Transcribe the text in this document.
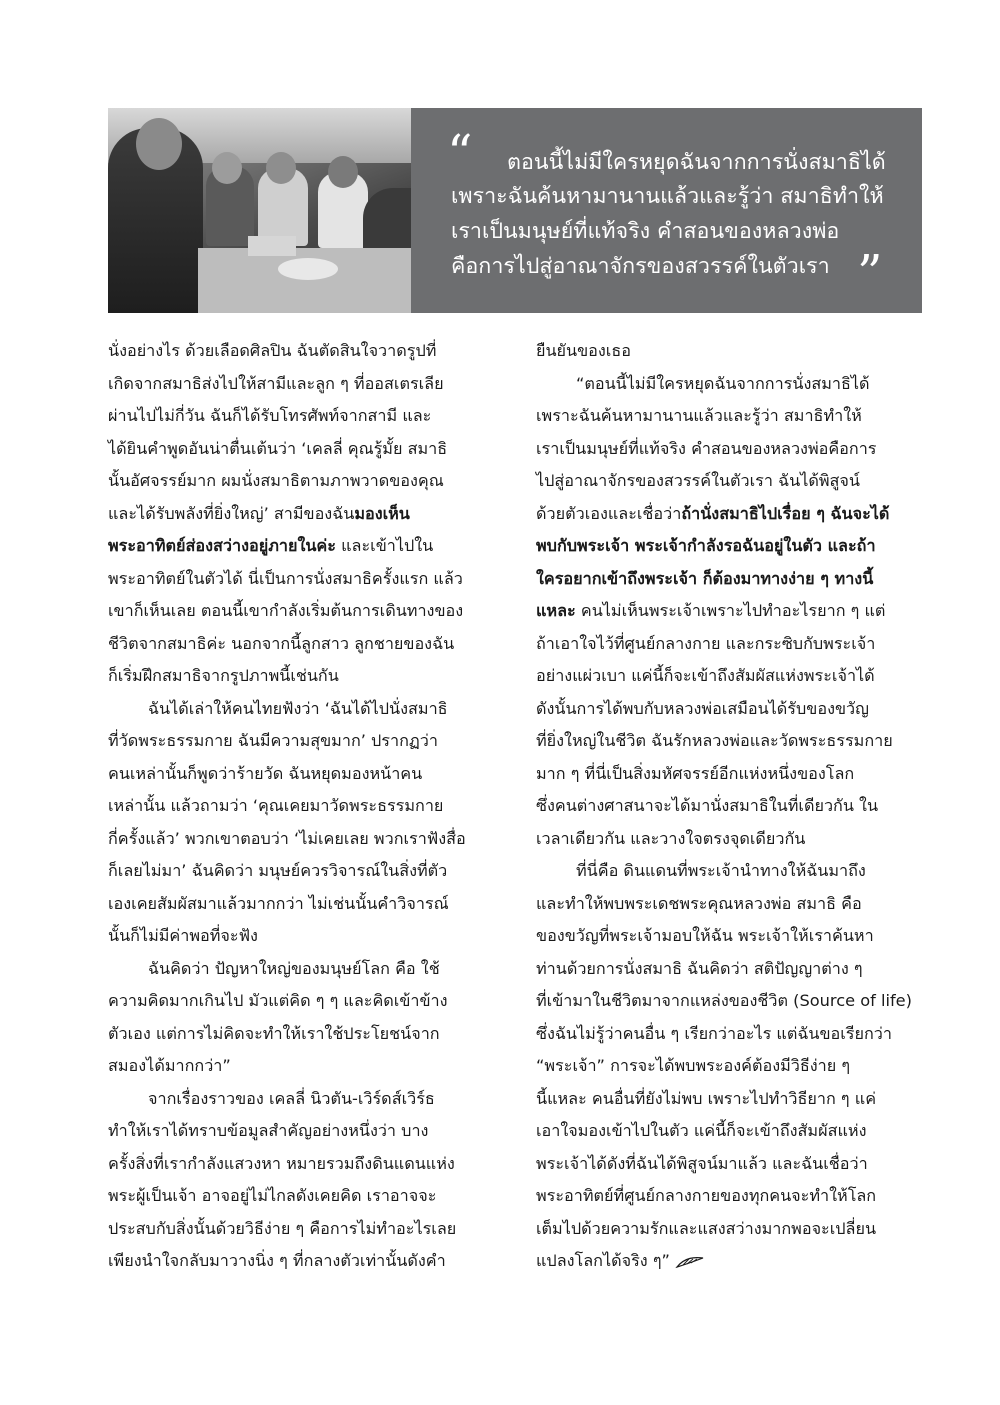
“ ตอนนี้ไม่มีใครหยุดฉันจากการนั่งสมาธิได้
เพราะฉันค้นหามานานแล้วและรู้ว่า สมาธิทำให้
เราเป็นมนุษย์ที่แท้จริง คำสอนของหลวงพ่อ
คือการไปสู่อาณาจักรของสวรรค์ในตัวเรา ”
นั่งอย่างไร ด้วยเลือดศิลปิน ฉันตัดสินใจวาดรูปที่
เกิดจากสมาธิส่งไปให้สามีและลูก ๆ ที่ออสเตรเลีย
ผ่านไปไม่กี่วัน ฉันก็ได้รับโทรศัพท์จากสามี และ
ได้ยินคำพูดอันน่าตื่นเต้นว่า ‘เคลลี่ คุณรู้มั้ย สมาธิ
นั้นอัศจรรย์มาก ผมนั่งสมาธิตามภาพวาดของคุณ
และได้รับพลังที่ยิ่งใหญ่’ สามีของฉันมองเห็น
พระอาทิตย์ส่องสว่างอยู่ภายในค่ะ และเข้าไปใน
พระอาทิตย์ในตัวได้ นี่เป็นการนั่งสมาธิครั้งแรก แล้ว
เขาก็เห็นเลย ตอนนี้เขากำลังเริ่มต้นการเดินทางของ
ชีวิตจากสมาธิค่ะ นอกจากนี้ลูกสาว ลูกชายของฉัน
ก็เริ่มฝึกสมาธิจากรูปภาพนี้เช่นกัน
ฉันได้เล่าให้คนไทยฟังว่า ‘ฉันได้ไปนั่งสมาธิ
ที่วัดพระธรรมกาย ฉันมีความสุขมาก’ ปรากฏว่า
คนเหล่านั้นก็พูดว่าร้ายวัด ฉันหยุดมองหน้าคน
เหล่านั้น แล้วถามว่า ‘คุณเคยมาวัดพระธรรมกาย
กี่ครั้งแล้ว’ พวกเขาตอบว่า ‘ไม่เคยเลย พวกเราฟังสื่อ
ก็เลยไม่มา’ ฉันคิดว่า มนุษย์ควรวิจารณ์ในสิ่งที่ตัว
เองเคยสัมผัสมาแล้วมากกว่า ไม่เช่นนั้นคำวิจารณ์
นั้นก็ไม่มีค่าพอที่จะฟัง
ฉันคิดว่า ปัญหาใหญ่ของมนุษย์โลก คือ ใช้
ความคิดมากเกินไป มัวแต่คิด ๆ ๆ และคิดเข้าข้าง
ตัวเอง แต่การไม่คิดจะทำให้เราใช้ประโยชน์จาก
สมองได้มากกว่า”
จากเรื่องราวของ เคลลี่ นิวตัน-เวิร์ดส์เวิร์ธ
ทำให้เราได้ทราบข้อมูลสำคัญอย่างหนึ่งว่า บาง
ครั้งสิ่งที่เรากำลังแสวงหา หมายรวมถึงดินแดนแห่ง
พระผู้เป็นเจ้า อาจอยู่ไม่ไกลดังเคยคิด เราอาจจะ
ประสบกับสิ่งนั้นด้วยวิธีง่าย ๆ คือการไม่ทำอะไรเลย
เพียงนำใจกลับมาวางนิ่ง ๆ ที่กลางตัวเท่านั้นดังคำ
ยืนยันของเธอ
“ตอนนี้ไม่มีใครหยุดฉันจากการนั่งสมาธิได้
เพราะฉันค้นหามานานแล้วและรู้ว่า สมาธิทำให้
เราเป็นมนุษย์ที่แท้จริง คำสอนของหลวงพ่อคือการ
ไปสู่อาณาจักรของสวรรค์ในตัวเรา ฉันได้พิสูจน์
ด้วยตัวเองและเชื่อว่าถ้านั่งสมาธิไปเรื่อย ๆ ฉันจะได้
พบกับพระเจ้า พระเจ้ากำลังรอฉันอยู่ในตัว และถ้า
ใครอยากเข้าถึงพระเจ้า ก็ต้องมาทางง่าย ๆ ทางนี้
แหละ คนไม่เห็นพระเจ้าเพราะไปทำอะไรยาก ๆ แต่
ถ้าเอาใจไว้ที่ศูนย์กลางกาย และกระซิบกับพระเจ้า
อย่างแผ่วเบา แค่นี้ก็จะเข้าถึงสัมผัสแห่งพระเจ้าได้
ดังนั้นการได้พบกับหลวงพ่อเสมือนได้รับของขวัญ
ที่ยิ่งใหญ่ในชีวิต ฉันรักหลวงพ่อและวัดพระธรรมกาย
มาก ๆ ที่นี่เป็นสิ่งมหัศจรรย์อีกแห่งหนึ่งของโลก
ซึ่งคนต่างศาสนาจะได้มานั่งสมาธิในที่เดียวกัน ใน
เวลาเดียวกัน และวางใจตรงจุดเดียวกัน
ที่นี่คือ ดินแดนที่พระเจ้านำทางให้ฉันมาถึง
และทำให้พบพระเดชพระคุณหลวงพ่อ สมาธิ คือ
ของขวัญที่พระเจ้ามอบให้ฉัน พระเจ้าให้เราค้นหา
ท่านด้วยการนั่งสมาธิ ฉันคิดว่า สติปัญญาต่าง ๆ
ที่เข้ามาในชีวิตมาจากแหล่งของชีวิต (Source of life)
ซึ่งฉันไม่รู้ว่าคนอื่น ๆ เรียกว่าอะไร แต่ฉันขอเรียกว่า
“พระเจ้า” การจะได้พบพระองค์ต้องมีวิธีง่าย ๆ
นี้แหละ คนอื่นที่ยังไม่พบ เพราะไปทำวิธียาก ๆ แค่
เอาใจมองเข้าไปในตัว แค่นี้ก็จะเข้าถึงสัมผัสแห่ง
พระเจ้าได้ดังที่ฉันได้พิสูจน์มาแล้ว และฉันเชื่อว่า
พระอาทิตย์ที่ศูนย์กลางกายของทุกคนจะทำให้โลก
เต็มไปด้วยความรักและแสงสว่างมากพอจะเปลี่ยน
แปลงโลกได้จริง ๆ”
